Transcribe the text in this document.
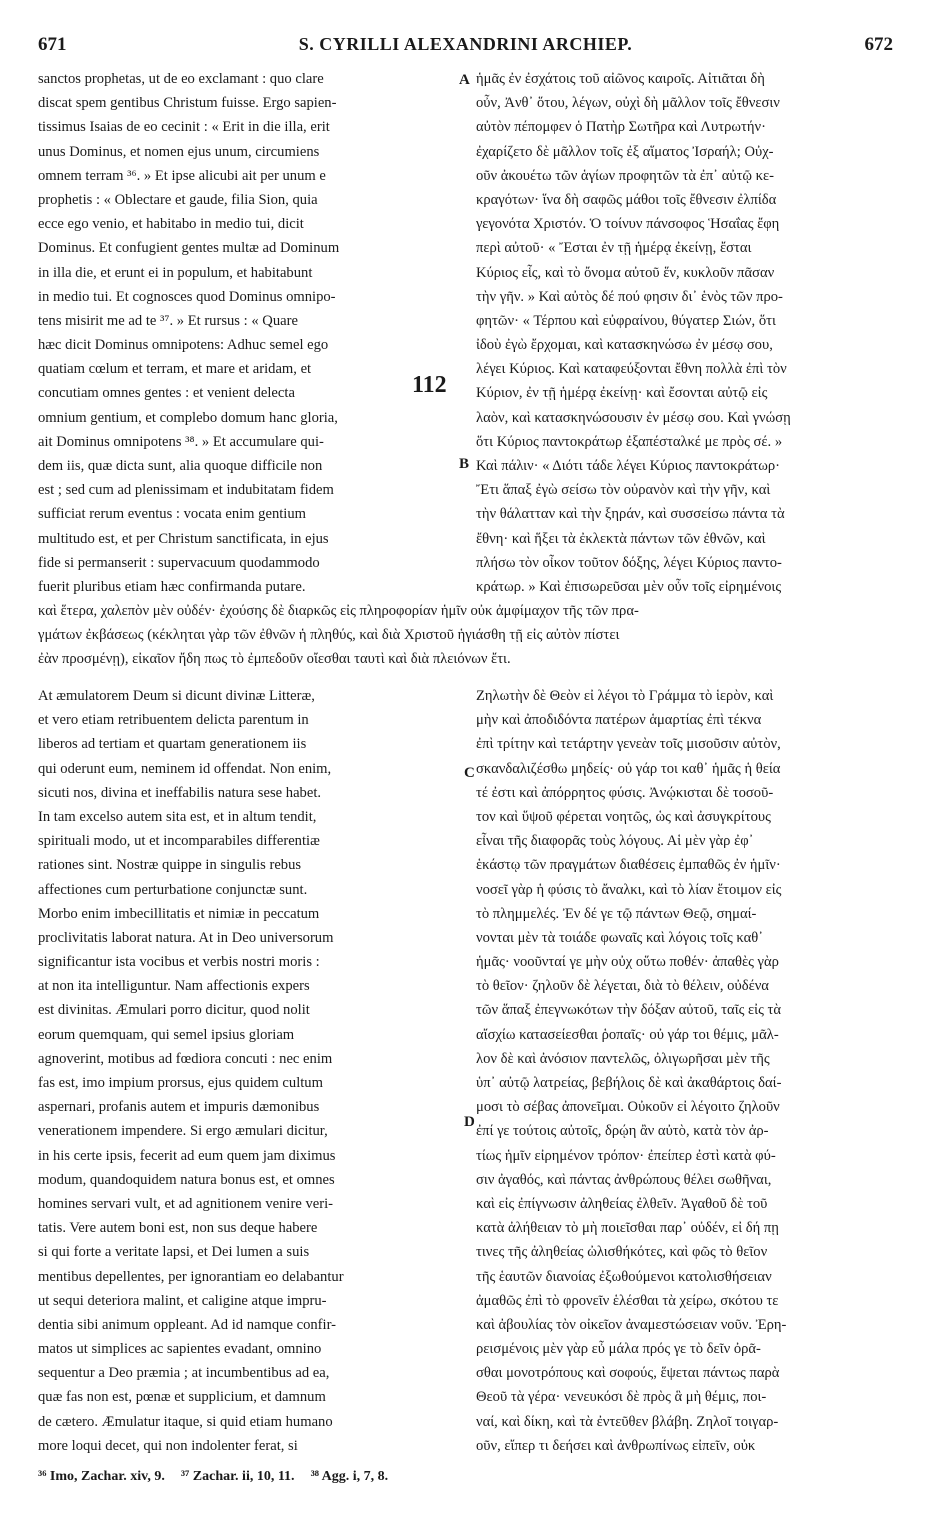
671	S. CYRILLI ALEXANDRINI ARCHIEP.	672
sanctos prophetas, ut de eo exclamant : quo clare
discat spem gentibus Christum fuisse. Ergo sapien-
tissimus Isaias de eo cecinit : « Erit in die illa, erit
unus Dominus, et nomen ejus unum, circumiens
omnem terram ³⁶. » Et ipse alicubi ait per unum e
prophetis : « Oblectare et gaude, filia Sion, quia
ecce ego venio, et habitabo in medio tui, dicit
Dominus. Et confugient gentes multæ ad Dominum
in illa die, et erunt ei in populum, et habitabunt
in medio tui. Et cognosces quod Dominus omnipo-
tens misirit me ad te ³⁷. » Et rursus : « Quare
hæc dicit Dominus omnipotens: Adhuc semel ego
quatiam cœlum et terram, et mare et aridam, et
concutiam omnes gentes : et venient delecta
omnium gentium, et complebo domum hanc gloria,
ait Dominus omnipotens ³⁸. » Et accumulare qui-
dem iis, quæ dicta sunt, alia quoque difficile non
est ; sed cum ad plenissimam et indubitatam fidem
sufficiat rerum eventus : vocata enim gentium
multitudo est, et per Christum sanctificata, in ejus
fide si permanserit : supervacuum quodammodo
fuerit pluribus etiam hæc confirmanda putare.
ἡμᾶς ἐν ἐσχάτοις τοῦ αἰῶνος καιροῖς. Αἰτιᾶται δὴ
οὖν, Ἀνθ᾽ ὅτου, λέγων, οὐχὶ δὴ μᾶλλον τοῖς ἔθνεσιν
αὐτὸν πέπομφεν ὁ Πατὴρ Σωτῆρα καὶ Λυτρωτήν·
ἐχαρίζετο δὲ μᾶλλον τοῖς ἐξ αἵματος Ἰσραήλ; Οὐχ-
οῦν ἀκουέτω τῶν ἁγίων προφητῶν τὰ ἐπ᾽ αὐτῷ κε-
κραγότων· ἵνα δὴ σαφῶς μάθοι τοῖς ἔθνεσιν ἐλπίδα
γεγονότα Χριστόν. Ὁ τοίνυν πάνσοφος Ἡσαΐας ἔφη
περὶ αὐτοῦ· « Ἔσται ἐν τῇ ἡμέρᾳ ἐκείνῃ, ἔσται
Κύριος εἷς, καὶ τὸ ὄνομα αὐτοῦ ἕν, κυκλοῦν πᾶσαν
τὴν γῆν. » Καὶ αὐτὸς δέ πού φησιν δι᾽ ἑνὸς τῶν προ-
φητῶν· « Τέρπου καὶ εὐφραίνου, θύγατερ Σιών, ὅτι
ἰδοὺ ἐγὼ ἔρχομαι, καὶ κατασκηνώσω ἐν μέσῳ σου,
λέγει Κύριος. Καὶ καταφεύξονται ἔθνη πολλὰ ἐπὶ τὸν
Κύριον, ἐν τῇ ἡμέρᾳ ἐκείνῃ· καὶ ἔσονται αὐτῷ εἰς
λαὸν, καὶ κατασκηνώσουσιν ἐν μέσῳ σου. Καὶ γνώσῃ
ὅτι Κύριος παντοκράτωρ ἐξαπέσταλκέ με πρὸς σέ. »
Καὶ πάλιν· « Διότι τάδε λέγει Κύριος παντοκράτωρ·
Ἔτι ἅπαξ ἐγὼ σείσω τὸν οὐρανὸν καὶ τὴν γῆν, καὶ
τὴν θάλατταν καὶ τὴν ξηράν, καὶ συσσείσω πάντα τὰ
ἔθνη· καὶ ἥξει τὰ ἐκλεκτὰ πάντων τῶν ἐθνῶν, καὶ
πλήσω τὸν οἶκον τοῦτον δόξης, λέγει Κύριος παντο-
κράτωρ. » Καὶ ἐπισωρεῦσαι μὲν οὖν τοῖς εἰρημένοις
A
B
C
D
112
καὶ ἕτερα, χαλεπὸν μὲν οὐδέν· ἐχούσης δὲ διαρκῶς εἰς πληροφορίαν ἡμῖν οὐκ ἀμφίμαχον τῆς τῶν πρα-
γμάτων ἐκβάσεως (κέκληται γὰρ τῶν ἐθνῶν ἡ πληθύς, καὶ διὰ Χριστοῦ ἡγιάσθη τῇ εἰς αὐτὸν πίστει
ἐὰν προσμένῃ), εἰκαῖον ἤδη πως τὸ ἐμπεδοῦν οἴεσθαι ταυτὶ καὶ διὰ πλειόνων ἔτι.
At æmulatorem Deum si dicunt divinæ Litteræ,
et vero etiam retribuentem delicta parentum in
liberos ad tertiam et quartam generationem iis
qui oderunt eum, neminem id offendat. Non enim,
sicuti nos, divina et ineffabilis natura sese habet.
In tam excelso autem sita est, et in altum tendit,
spirituali modo, ut et incomparabiles differentiæ
rationes sint. Nostræ quippe in singulis rebus
affectiones cum perturbatione conjunctæ sunt.
Morbo enim imbecillitatis et nimiæ in peccatum
proclivitatis laborat natura. At in Deo universorum
significantur ista vocibus et verbis nostri moris :
at non ita intelliguntur. Nam affectionis expers
est divinitas. Æmulari porro dicitur, quod nolit
eorum quemquam, qui semel ipsius gloriam
agnoverint, motibus ad fœdiora concuti : nec enim
fas est, imo impium prorsus, ejus quidem cultum
aspernari, profanis autem et impuris dæmonibus
venerationem impendere. Si ergo æmulari dicitur,
in his certe ipsis, fecerit ad eum quem jam diximus
modum, quandoquidem natura bonus est, et omnes
homines servari vult, et ad agnitionem venire veri-
tatis. Vere autem boni est, non sus deque habere
si qui forte a veritate lapsi, et Dei lumen a suis
mentibus depellentes, per ignorantiam eo delabantur
ut sequi deteriora malint, et caligine atque impru-
dentia sibi animum oppleant. Ad id namque confir-
matos ut simplices ac sapientes evadant, omnino
sequentur a Deo præmia ; at incumbentibus ad ea,
quæ fas non est, pœnæ et supplicium, et damnum
de cætero. Æmulatur itaque, si quid etiam humano
more loqui decet, qui non indolenter ferat, si
Ζηλωτὴν δὲ Θεὸν εἰ λέγοι τὸ Γράμμα τὸ ἱερὸν, καὶ
μὴν καὶ ἀποδιδόντα πατέρων ἁμαρτίας ἐπὶ τέκνα
ἐπὶ τρίτην καὶ τετάρτην γενεὰν τοῖς μισοῦσιν αὐτὸν,
σκανδαλιζέσθω μηδείς· οὐ γάρ τοι καθ᾽ ἡμᾶς ἡ θεία
τέ ἐστι καὶ ἀπόρρητος φύσις. Ἀνῴκισται δὲ τοσοῦ-
τον καὶ ὕψοῦ φέρεται νοητῶς, ὡς καὶ ἀσυγκρίτους
εἶναι τῆς διαφορᾶς τοὺς λόγους. Αἱ μὲν γὰρ ἐφ᾽
ἑκάστῳ τῶν πραγμάτων διαθέσεις ἐμπαθῶς ἐν ἡμῖν·
νοσεῖ γὰρ ἡ φύσις τὸ ἄναλκι, καὶ τὸ λίαν ἕτοιμον εἰς
τὸ πλημμελές. Ἐν δέ γε τῷ πάντων Θεῷ, σημαί-
νονται μὲν τὰ τοιάδε φωναῖς καὶ λόγοις τοῖς καθ᾽
ἡμᾶς· νοοῦνταί γε μὴν οὐχ οὕτω ποθέν· ἀπαθὲς γὰρ
τὸ θεῖον· ζηλοῦν δὲ λέγεται, διὰ τὸ θέλειν, οὐδένα
τῶν ἅπαξ ἐπεγνωκότων τὴν δόξαν αὐτοῦ, ταῖς εἰς τὰ
αἴσχίω κατασείεσθαι ῥοπαῖς· οὐ γάρ τοι θέμις, μᾶλ-
λον δὲ καὶ ἀνόσιον παντελῶς, ὀλιγωρῆσαι μὲν τῆς
ὑπ᾽ αὐτῷ λατρείας, βεβήλοις δὲ καὶ ἀκαθάρτοις δαί-
μοσι τὸ σέβας ἀπονεῖμαι. Οὐκοῦν εἰ λέγοιτο ζηλοῦν
ἐπί γε τούτοις αὐτοῖς, δρῴη ἂν αὐτὸ, κατὰ τὸν ἀρ-
τίως ἡμῖν εἰρημένον τρόπον· ἐπείπερ ἐστὶ κατὰ φύ-
σιν ἀγαθός, καὶ πάντας ἀνθρώπους θέλει σωθῆναι,
καὶ εἰς ἐπίγνωσιν ἀληθείας ἐλθεῖν. Ἀγαθοῦ δὲ τοῦ
κατὰ ἀλήθειαν τὸ μὴ ποιεῖσθαι παρ᾽ οὐδέν, εἰ δή πῃ
τινες τῆς ἀληθείας ὠλισθήκότες, καὶ φῶς τὸ θεῖον
τῆς ἑαυτῶν διανοίας ἐξωθούμενοι κατολισθήσειαν
ἀμαθῶς ἐπὶ τὸ φρονεῖν ἑλέσθαι τὰ χείρω, σκότου τε
καὶ ἀβουλίας τὸν οἰκεῖον ἀναμεστώσειαν νοῦν. Ἐρη-
ρεισμένοις μὲν γὰρ εὖ μάλα πρός γε τὸ δεῖν ὀρᾶ-
σθαι μονοτρόπους καὶ σοφούς, ἕψεται πάντως παρὰ
Θεοῦ τὰ γέρα· νενευκόσι δὲ πρὸς ἃ μὴ θέμις, ποι-
ναί, καὶ δίκη, καὶ τὰ ἐντεῦθεν βλάβη. Ζηλοῖ τοιγαρ-
οῦν, εἴπερ τι δεήσει καὶ ἀνθρωπίνως εἰπεῖν, οὐκ
³⁶ Imo, Zachar. xiv, 9. ³⁷ Zachar. ii, 10, 11. ³⁸ Agg. i, 7, 8.
